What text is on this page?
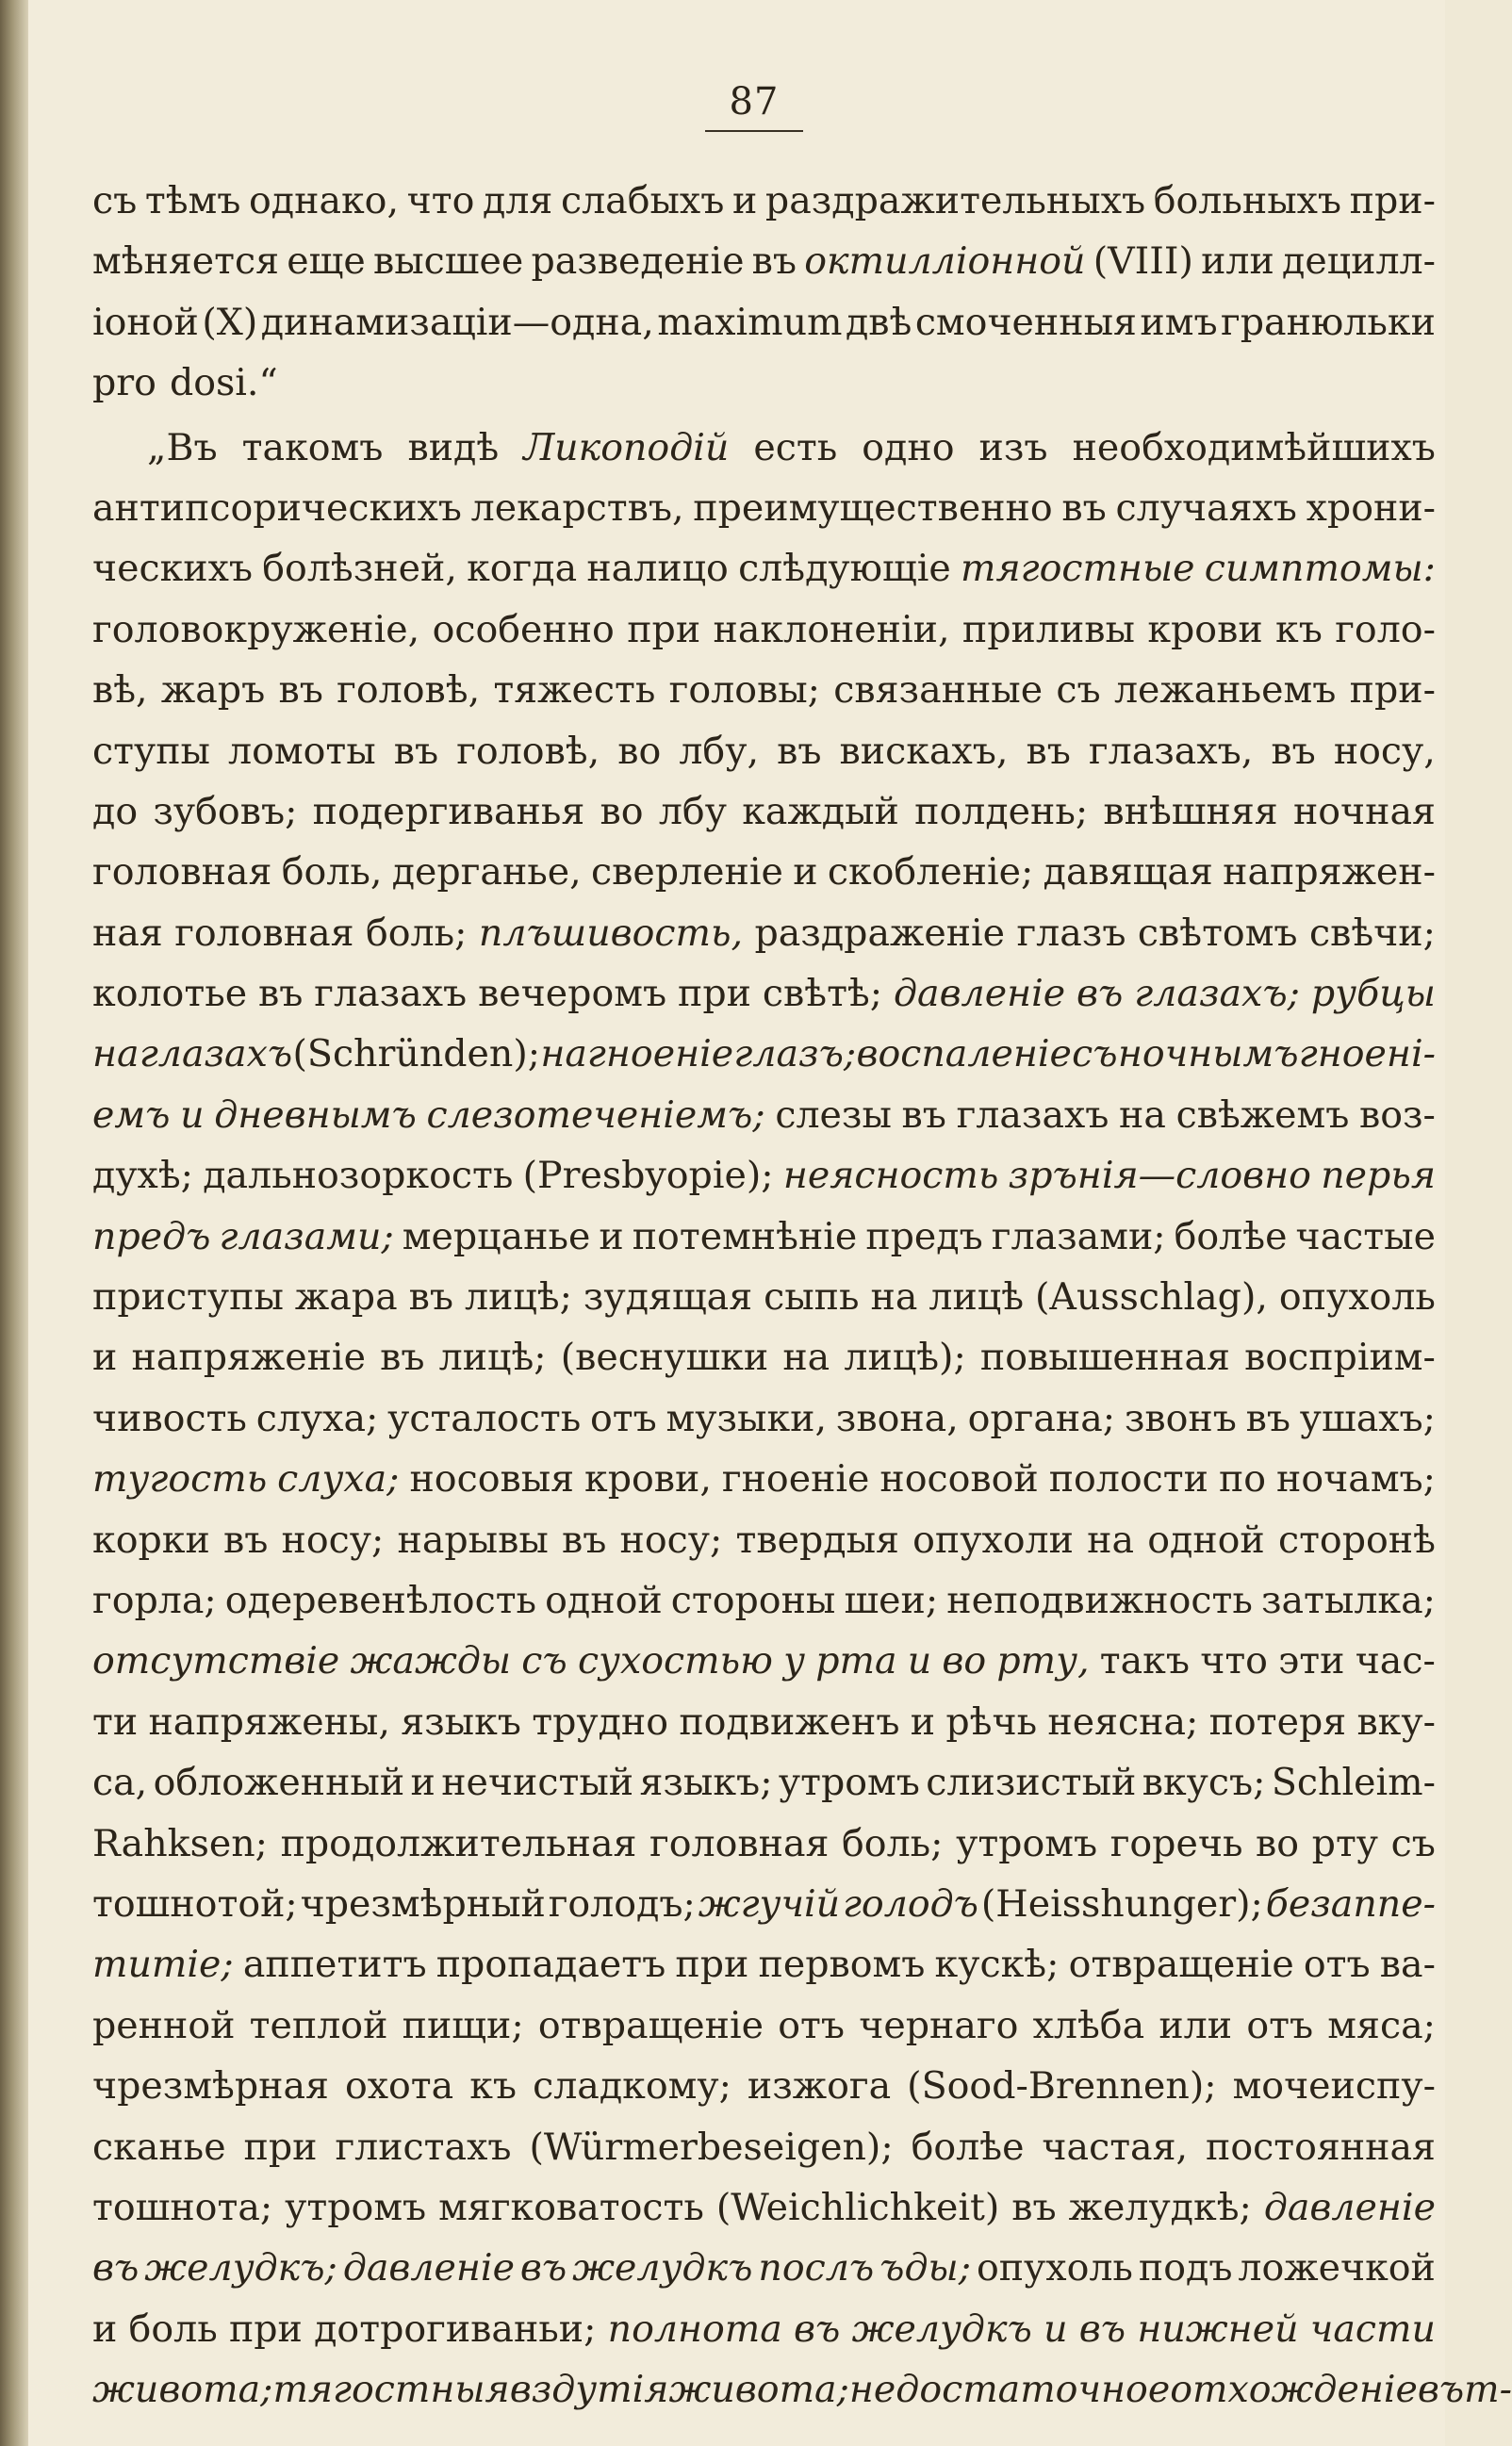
87
съ тѣмъ однако, что для слабыхъ и раздражительныхъ больныхъ при-
мѣняется еще высшее разведеніе въ октилліонной (VIII) или децилл-
іоной (X) динамизаціи—одна, maximum двѣ смоченныя имъ гранюльки
pro dosi.“
„Въ такомъ видѣ Ликоподій есть одно изъ необходимѣйшихъ
антипсорическихъ лекарствъ, преимущественно въ случаяхъ хрони-
ческихъ болѣзней, когда налицо слѣдующіе тягостные симптомы:
головокруженіе, особенно при наклоненіи, приливы крови къ голо-
вѣ, жаръ въ головѣ, тяжесть головы; связанные съ лежаньемъ при-
ступы ломоты въ головѣ, во лбу, въ вискахъ, въ глазахъ, въ носу,
до зубовъ; подергиванья во лбу каждый полдень; внѣшняя ночная
головная боль, дерганье, сверленіе и скобленіе; давящая напряжен-
ная головная боль; плъшивость, раздраженіе глазъ свѣтомъ свѣчи;
колотье въ глазахъ вечеромъ при свѣтѣ; давленіе въ глазахъ; рубцы
на глазахъ (Schründen); нагноеніе глазъ; воспаленіе съ ночнымъ гноені-
емъ и дневнымъ слезотеченіемъ; слезы въ глазахъ на свѣжемъ воз-
духѣ; дальнозоркость (Presbyopie); неясность зрънія—словно перья
предъ глазами; мерцанье и потемнѣніе предъ глазами; болѣе частые
приступы жара въ лицѣ; зудящая сыпь на лицѣ (Ausschlag), опухоль
и напряженіе въ лицѣ; (веснушки на лицѣ); повышенная воспріим-
чивость слуха; усталость отъ музыки, звона, органа; звонъ въ ушахъ;
тугость слуха; носовыя крови, гноеніе носовой полости по ночамъ;
корки въ носу; нарывы въ носу; твердыя опухоли на одной сторонѣ
горла; одеревенѣлость одной стороны шеи; неподвижность затылка;
отсутствіе жажды съ сухостью у рта и во рту, такъ что эти час-
ти напряжены, языкъ трудно подвиженъ и рѣчь неясна; потеря вку-
са, обложенный и нечистый языкъ; утромъ слизистый вкусъ; Schleim-
Rahksen; продолжительная головная боль; утромъ горечь во рту съ
тошнотой; чрезмѣрный голодъ; жгучій голодъ (Heisshunger); безаппе-
титіе; аппетитъ пропадаетъ при первомъ кускѣ; отвращеніе отъ ва-
ренной теплой пищи; отвращеніе отъ чернаго хлѣба или отъ мяса;
чрезмѣрная охота къ сладкому; изжога (Sood-Brennen); мочеиспу-
сканье при глистахъ (Würmerbeseigen); болѣе частая, постоянная
тошнота; утромъ мягковатость (Weichlichkeit) въ желудкѣ; давленіе
въ желудкъ; давленіе въ желудкъ послъ ъды; опухоль подъ ложечкой
и боль при дотрогиваньи; полнота въ желудкъ и въ нижней части
живота; тягостныя вздутія живота; недостаточное отхожденіе вът-
